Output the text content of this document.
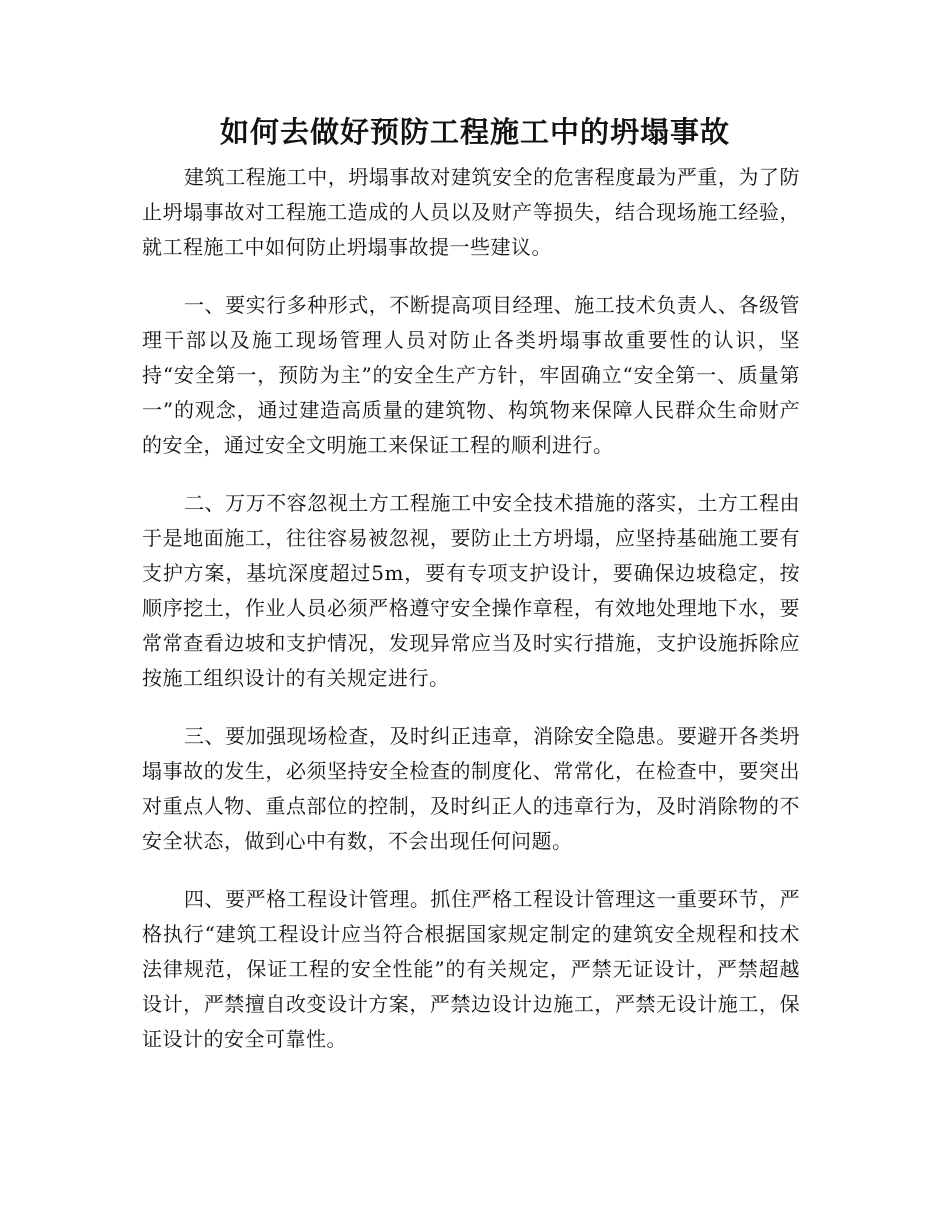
如何去做好预防工程施工中的坍塌事故

建筑工程施工中，坍塌事故对建筑安全的危害程度最为严重，为了防止坍塌事故对工程施工造成的人员以及财产等损失，结合现场施工经验，就工程施工中如何防止坍塌事故提一些建议。

一、要实行多种形式，不断提高项目经理、施工技术负责人、各级管理干部以及施工现场管理人员对防止各类坍塌事故重要性的认识，坚持“安全第一，预防为主”的安全生产方针，牢固确立“安全第一、质量第一”的观念，通过建造高质量的建筑物、构筑物来保障人民群众生命财产的安全，通过安全文明施工来保证工程的顺利进行。

二、万万不容忽视土方工程施工中安全技术措施的落实，土方工程由于是地面施工，往往容易被忽视，要防止土方坍塌，应坚持基础施工要有支护方案，基坑深度超过5m，要有专项支护设计，要确保边坡稳定，按顺序挖土，作业人员必须严格遵守安全操作章程，有效地处理地下水，要常常查看边坡和支护情况，发现异常应当及时实行措施，支护设施拆除应按施工组织设计的有关规定进行。

三、要加强现场检查，及时纠正违章，消除安全隐患。要避开各类坍塌事故的发生，必须坚持安全检查的制度化、常常化，在检查中，要突出对重点人物、重点部位的控制，及时纠正人的违章行为，及时消除物的不安全状态，做到心中有数，不会出现任何问题。

四、要严格工程设计管理。抓住严格工程设计管理这一重要环节，严格执行“建筑工程设计应当符合根据国家规定制定的建筑安全规程和技术法律规范，保证工程的安全性能”的有关规定，严禁无证设计，严禁超越设计，严禁擅自改变设计方案，严禁边设计边施工，严禁无设计施工，保证设计的安全可靠性。
